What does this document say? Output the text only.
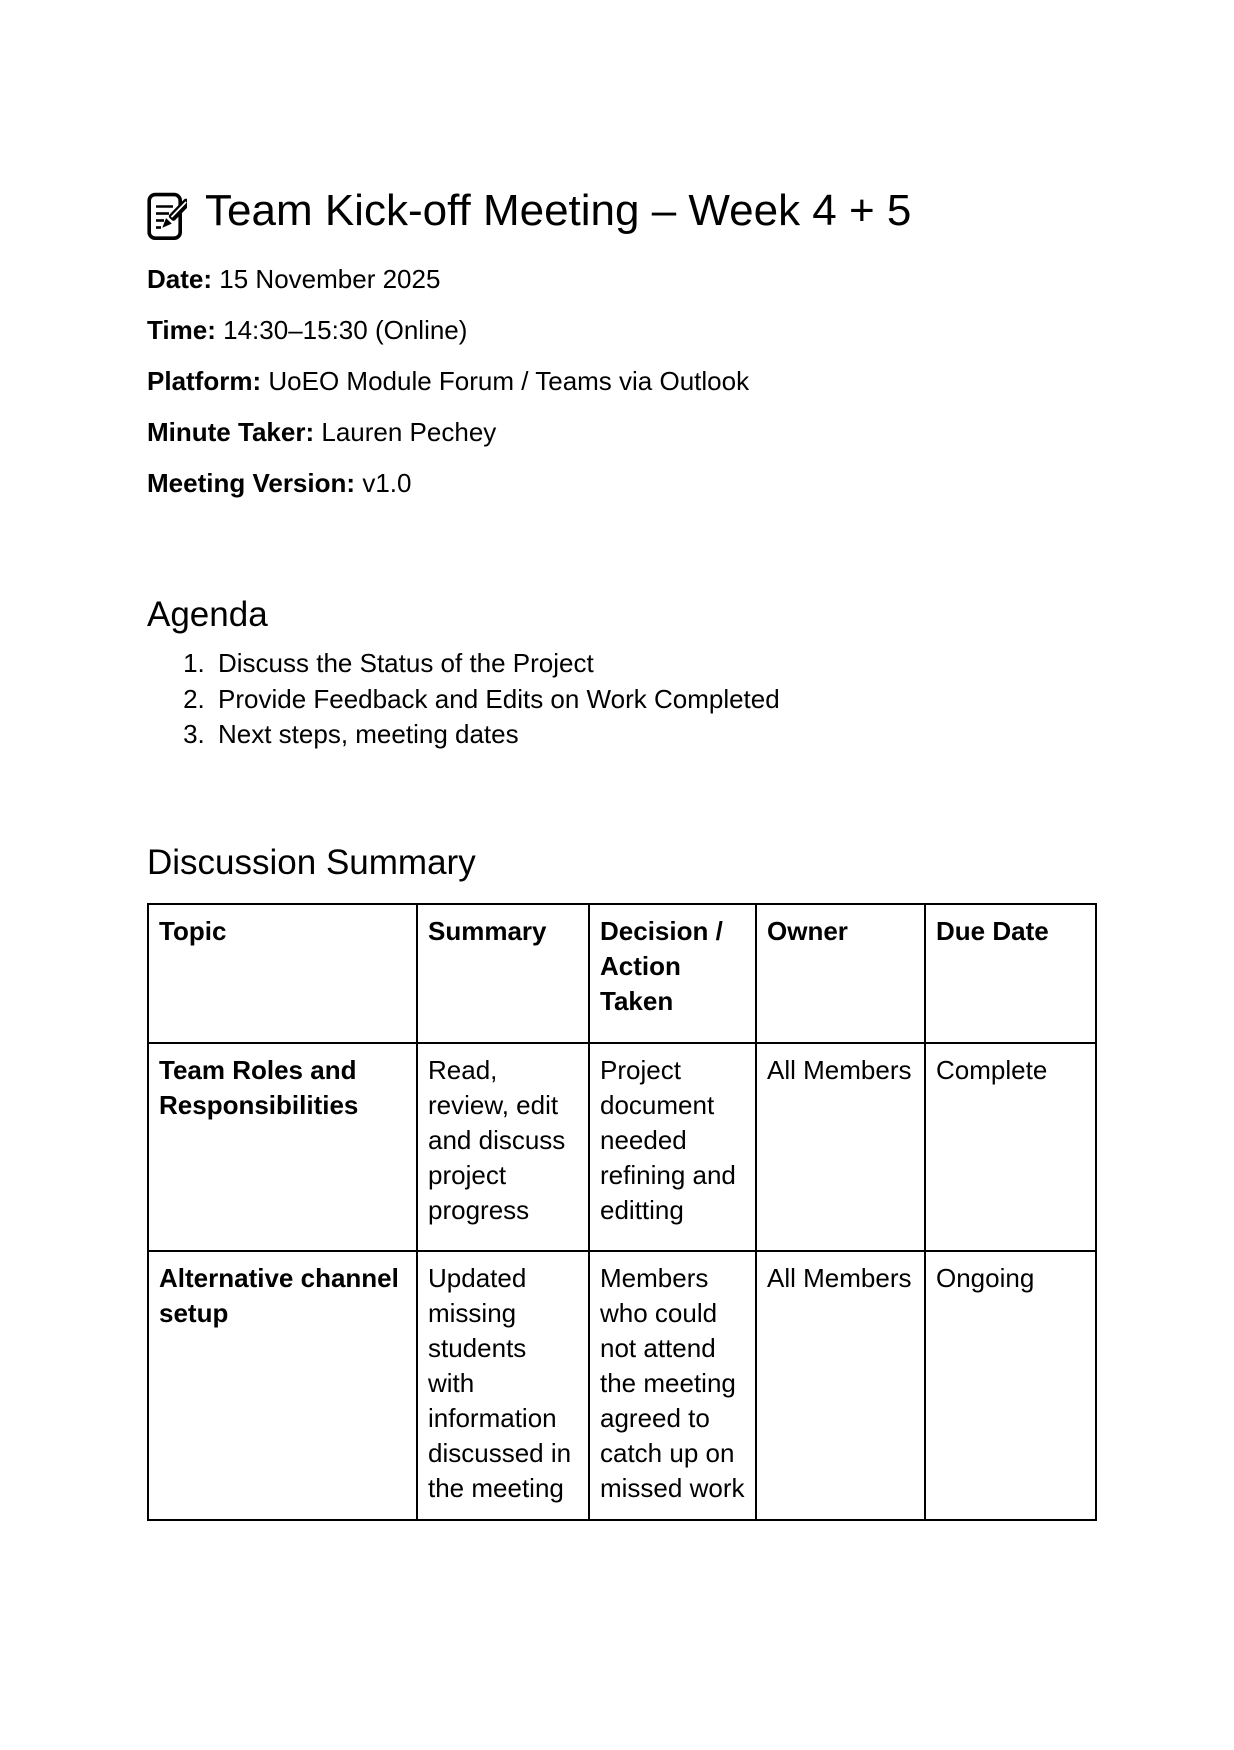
Team Kick-off Meeting – Week 4 + 5
Date: 15 November 2025
Time: 14:30–15:30 (Online)
Platform: UoEO Module Forum / Teams via Outlook
Minute Taker: Lauren Pechey
Meeting Version: v1.0
Agenda
1. Discuss the Status of the Project
2. Provide Feedback and Edits on Work Completed
3. Next steps, meeting dates
Discussion Summary
Topic	Summary	Decision / Action Taken	Owner	Due Date
Team Roles and Responsibilities	Read, review, edit and discuss project progress	Project document needed refining and editting	All Members	Complete
Alternative channel setup	Updated missing students with information discussed in the meeting	Members who could not attend the meeting agreed to catch up on missed work	All Members	Ongoing
